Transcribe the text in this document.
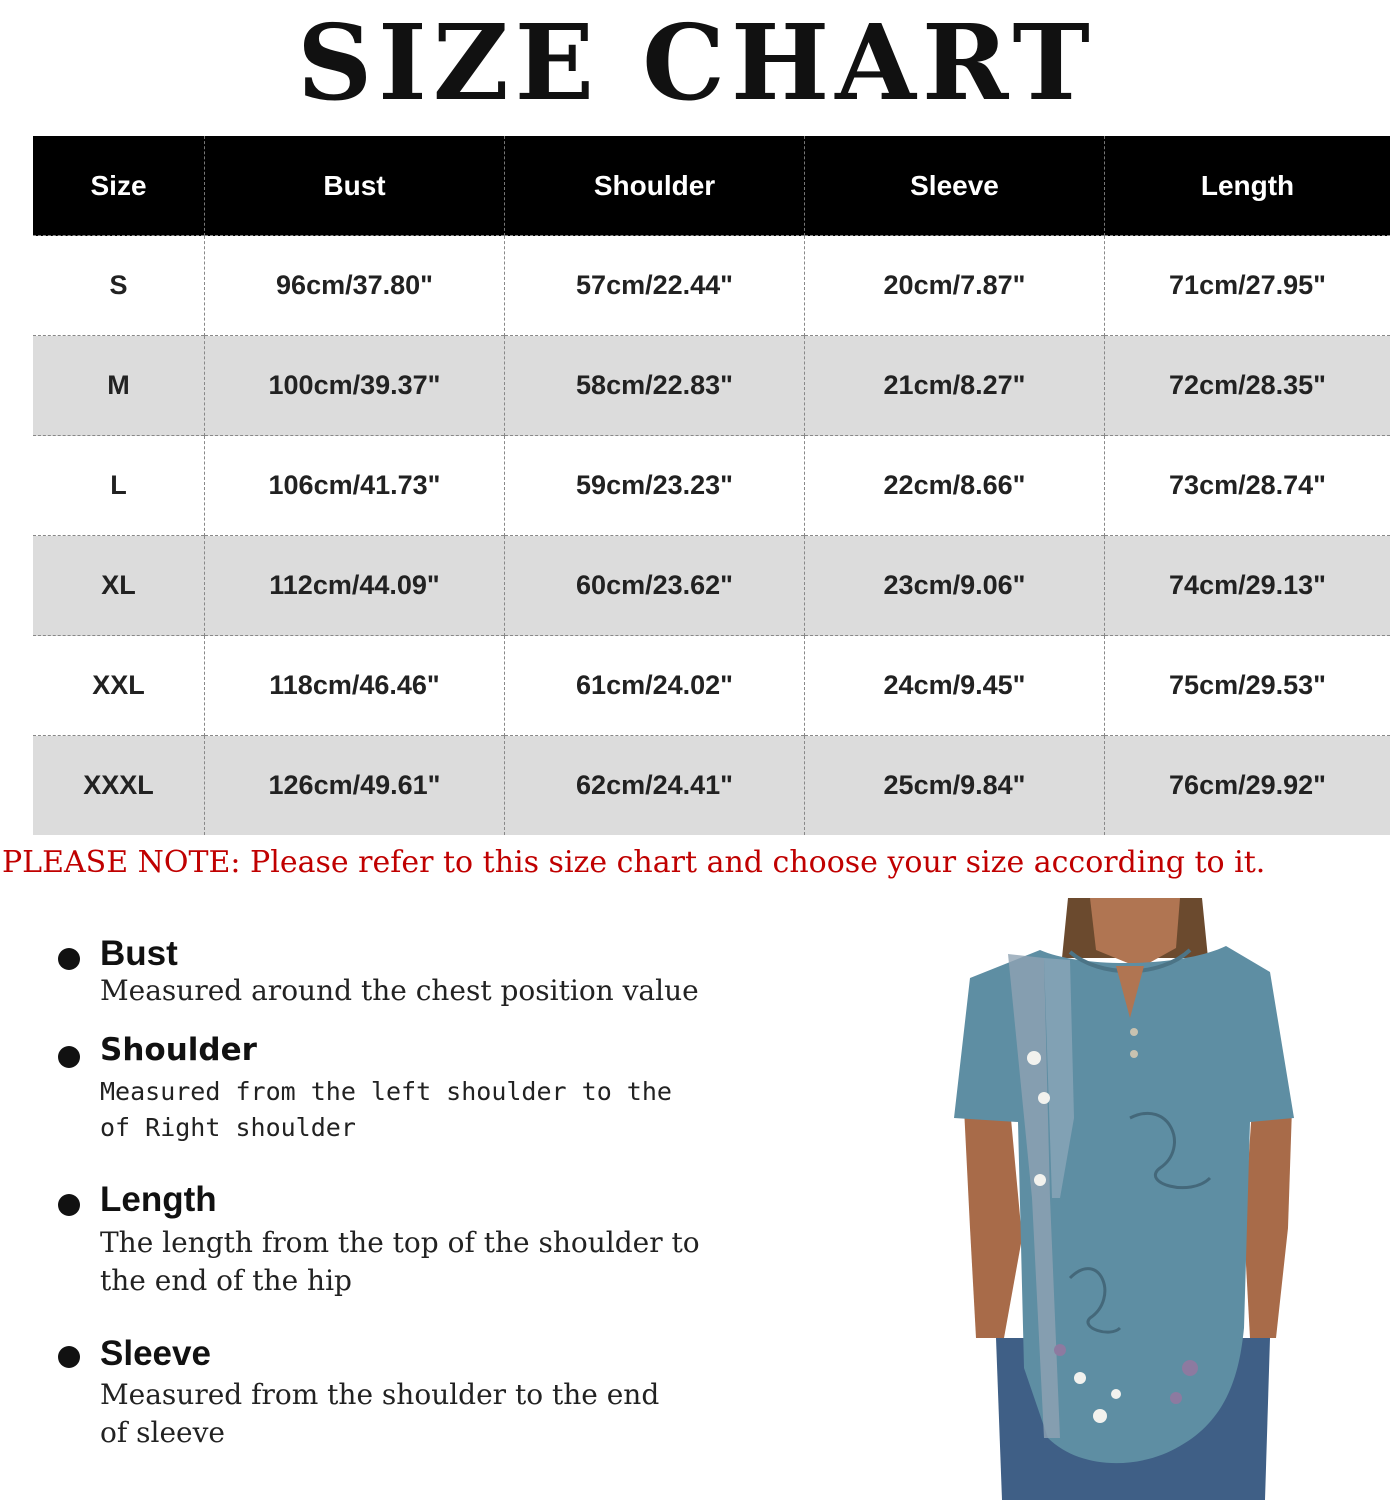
SIZE CHART
Size	Bust	Shoulder	Sleeve	Length
S	96cm/37.80"	57cm/22.44"	20cm/7.87"	71cm/27.95"
M	100cm/39.37"	58cm/22.83"	21cm/8.27"	72cm/28.35"
L	106cm/41.73"	59cm/23.23"	22cm/8.66"	73cm/28.74"
XL	112cm/44.09"	60cm/23.62"	23cm/9.06"	74cm/29.13"
XXL	118cm/46.46"	61cm/24.02"	24cm/9.45"	75cm/29.53"
XXXL	126cm/49.61"	62cm/24.41"	25cm/9.84"	76cm/29.92"
PLEASE NOTE: Please refer to this size chart and choose your size according to it.
Bust
Measured around the chest position value
Shoulder
Measured from the left shoulder to the
of Right shoulder
Length
The length from the top of the shoulder to
the end of the hip
Sleeve
Measured from the shoulder to the end
of sleeve
